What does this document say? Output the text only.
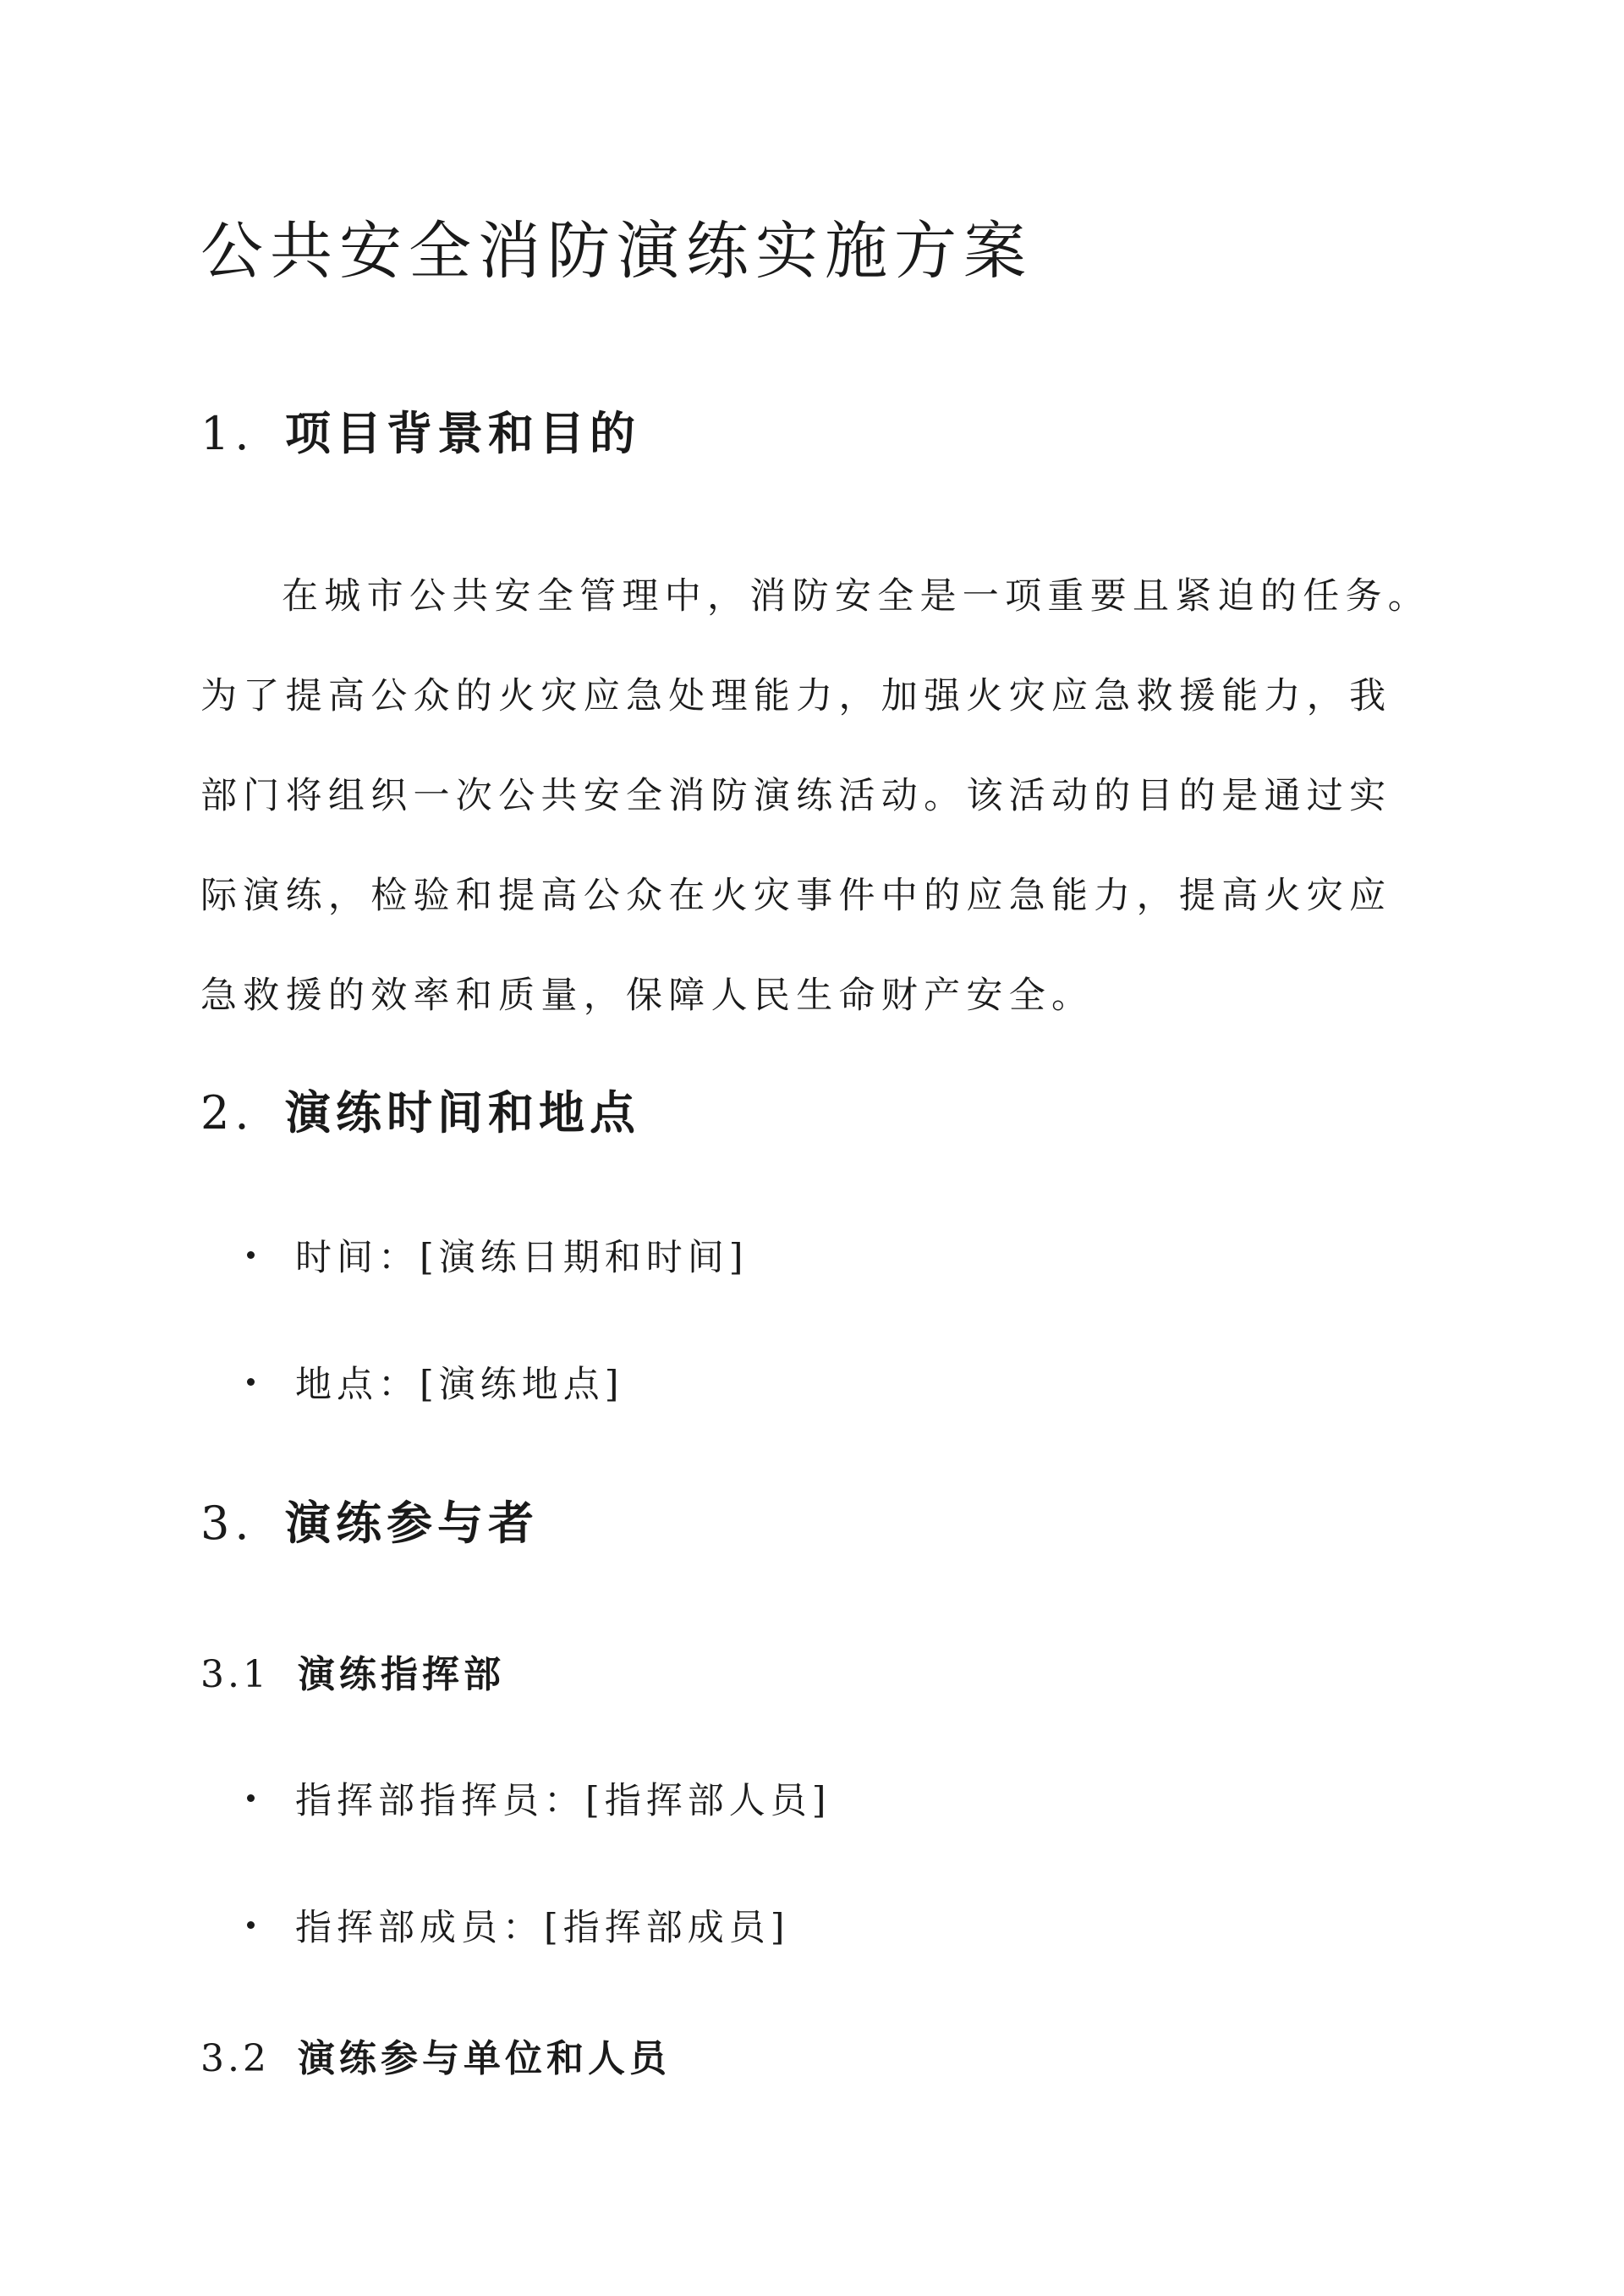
公共安全消防演练实施方案
1. 项目背景和目的

在城市公共安全管理中，消防安全是一项重要且紧迫的任务。为了提高公众的火灾应急处理能力，加强火灾应急救援能力，我部门将组织一次公共安全消防演练活动。该活动的目的是通过实际演练，检验和提高公众在火灾事件中的应急能力，提高火灾应急救援的效率和质量，保障人民生命财产安全。

2. 演练时间和地点
时间：[演练日期和时间]
地点：[演练地点]
3. 演练参与者
3.1 演练指挥部
指挥部指挥员：[指挥部人员]
指挥部成员：[指挥部成员]
3.2 演练参与单位和人员
